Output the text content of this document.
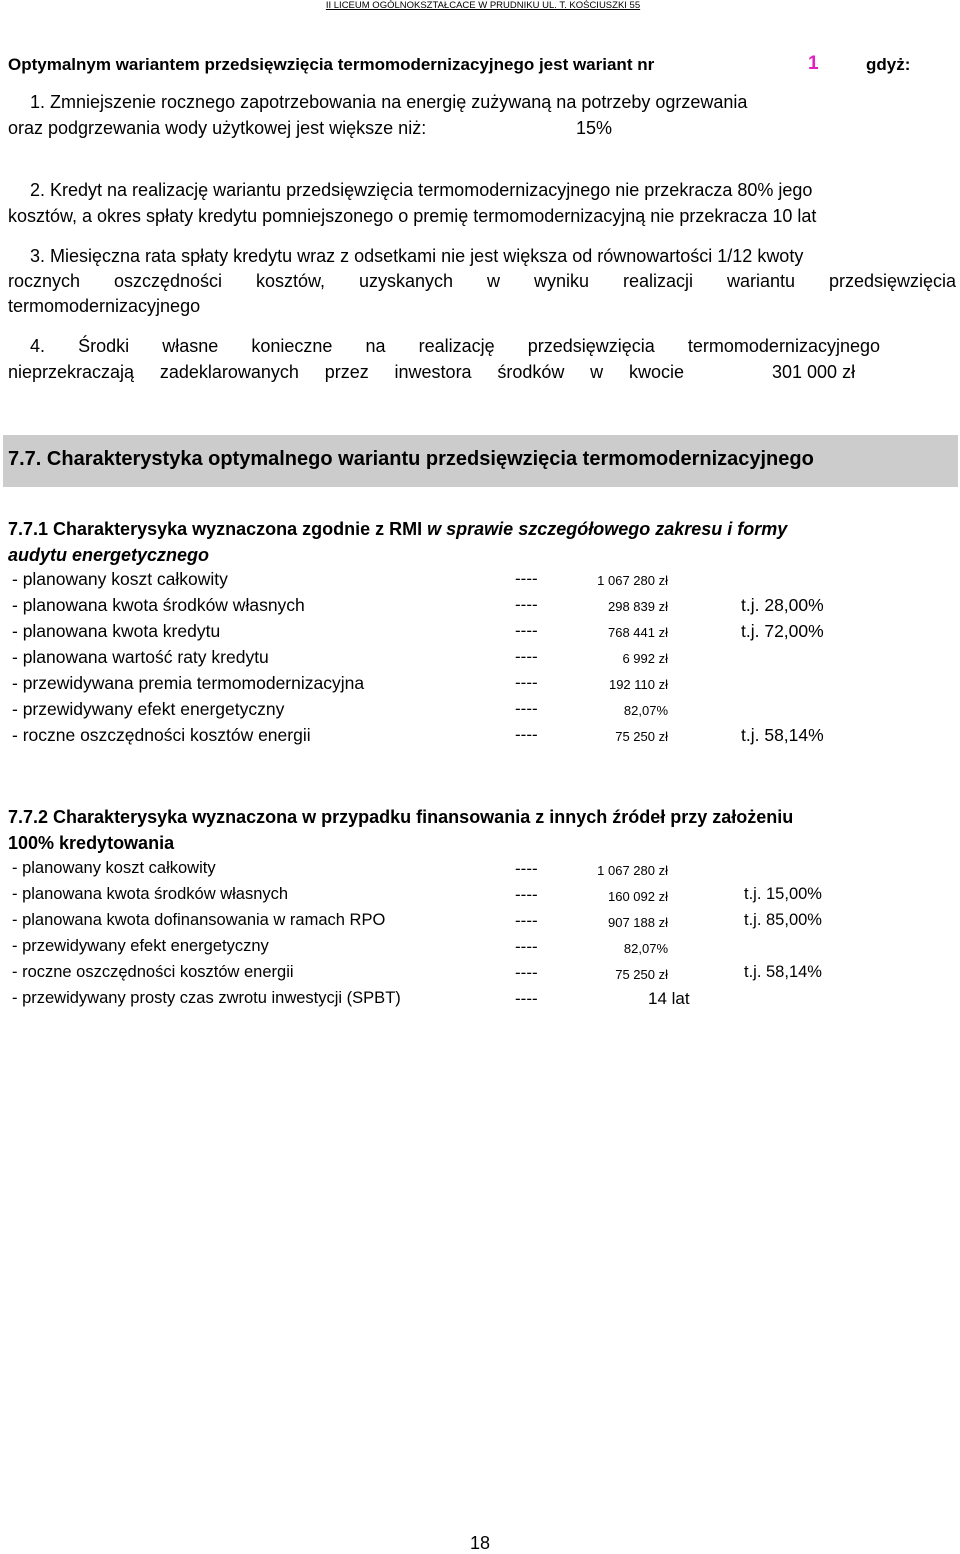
II LICEUM OGÓLNOKSZTAŁCACE W PRUDNIKU UL. T. KOŚCIUSZKI 55
Optymalnym wariantem przedsięwzięcia termomodernizacyjnego jest wariant nr	1	gdyż:
1. Zmniejszenie rocznego zapotrzebowania na energię zużywaną na potrzeby ogrzewania
oraz podgrzewania wody użytkowej jest większe niż:	15%
2. Kredyt na realizację wariantu przedsięwzięcia termomodernizacyjnego nie przekracza 80% jego
kosztów, a okres spłaty kredytu pomniejszonego o premię termomodernizacyjną nie przekracza 10 lat
3. Miesięczna rata spłaty kredytu wraz z odsetkami nie jest większa od równowartości 1/12 kwoty
rocznych oszczędności kosztów, uzyskanych w wyniku realizacji wariantu przedsięwzięcia
termomodernizacyjnego
4. Środki własne konieczne na realizację przedsięwzięcia termomodernizacyjnego
nieprzekraczają zadeklarowanych przez inwestora środków w kwocie	301 000 zł
7.7. Charakterystyka optymalnego wariantu przedsięwzięcia termomodernizacyjnego
7.7.1 Charakterysyka wyznaczona zgodnie z RMI w sprawie szczegółowego zakresu i formy
audytu energetycznego
- planowany koszt całkowity	----	1 067 280 zł
- planowana kwota środków własnych	----	298 839 zł	t.j. 28,00%
- planowana kwota kredytu	----	768 441 zł	t.j. 72,00%
- planowana wartość raty kredytu	----	6 992 zł
- przewidywana premia termomodernizacyjna	----	192 110 zł
- przewidywany efekt energetyczny	----	82,07%
- roczne oszczędności kosztów energii	----	75 250 zł	t.j. 58,14%
7.7.2 Charakterysyka wyznaczona w przypadku finansowania z innych źródeł przy założeniu
100% kredytowania
- planowany koszt całkowity	----	1 067 280 zł
- planowana kwota środków własnych	----	160 092 zł	t.j. 15,00%
- planowana kwota dofinansowania w ramach RPO	----	907 188 zł	t.j. 85,00%
- przewidywany efekt energetyczny	----	82,07%
- roczne oszczędności kosztów energii	----	75 250 zł	t.j. 58,14%
- przewidywany prosty czas zwrotu inwestycji (SPBT)	----	14 lat
18
